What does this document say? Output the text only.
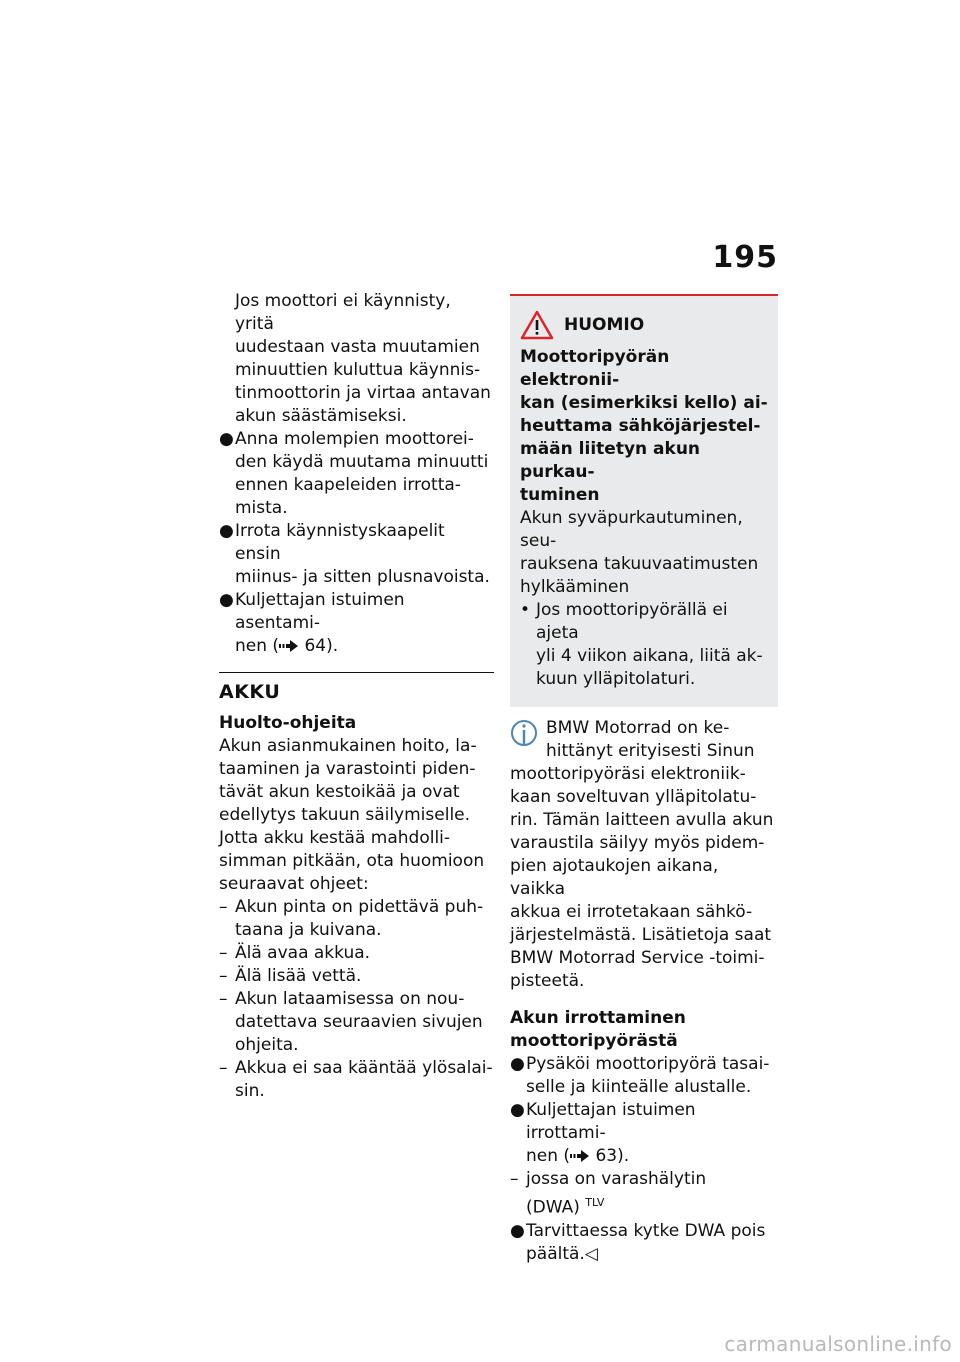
195
Jos moottori ei käynnisty, yritä
uudestaan vasta muutamien
minuuttien kuluttua käynnis-
tinmoottorin ja virtaa antavan
akun säästämiseksi.
● Anna molempien moottorei-
den käydä muutama minuutti
ennen kaapeleiden irrotta-
mista.
● Irrota käynnistyskaapelit ensin
miinus- ja sitten plusnavoista.
● Kuljettajan istuimen asentami-
nen ( 64).
AKKU
Huolto-ohjeita
Akun asianmukainen hoito, la-
taaminen ja varastointi piden-
tävät akun kestoikää ja ovat
edellytys takuun säilymiselle.
Jotta akku kestää mahdolli-
simman pitkään, ota huomioon
seuraavat ohjeet:
– Akun pinta on pidettävä puh-
taana ja kuivana.
– Älä avaa akkua.
– Älä lisää vettä.
– Akun lataamisessa on nou-
datettava seuraavien sivujen
ohjeita.
– Akkua ei saa kääntää ylösalai-
sin.
HUOMIO
Moottoripyörän elektronii-
kan (esimerkiksi kello) ai-
heuttama sähköjärjestel-
mään liitetyn akun purkau-
tuminen
Akun syväpurkautuminen, seu-
rauksena takuuvaatimusten
hylkääminen
• Jos moottoripyörällä ei ajeta
yli 4 viikon aikana, liitä ak-
kuun ylläpitolaturi.
BMW Motorrad on ke-
hittänyt erityisesti Sinun
moottoripyöräsi elektroniik-
kaan soveltuvan ylläpitolatu-
rin. Tämän laitteen avulla akun
varaustila säilyy myös pidem-
pien ajotaukojen aikana, vaikka
akkua ei irrotetakaan sähkö-
järjestelmästä. Lisätietoja saat
BMW Motorrad Service -toimi-
pisteetä.
Akun irrottaminen
moottoripyörästä
● Pysäköi moottoripyörä tasai-
selle ja kiinteälle alustalle.
● Kuljettajan istuimen irrottami-
nen ( 63).
– jossa on varashälytin
(DWA) $^{TLV}$
● Tarvittaessa kytke DWA pois
päältä.◁
carmanualsonline.info
